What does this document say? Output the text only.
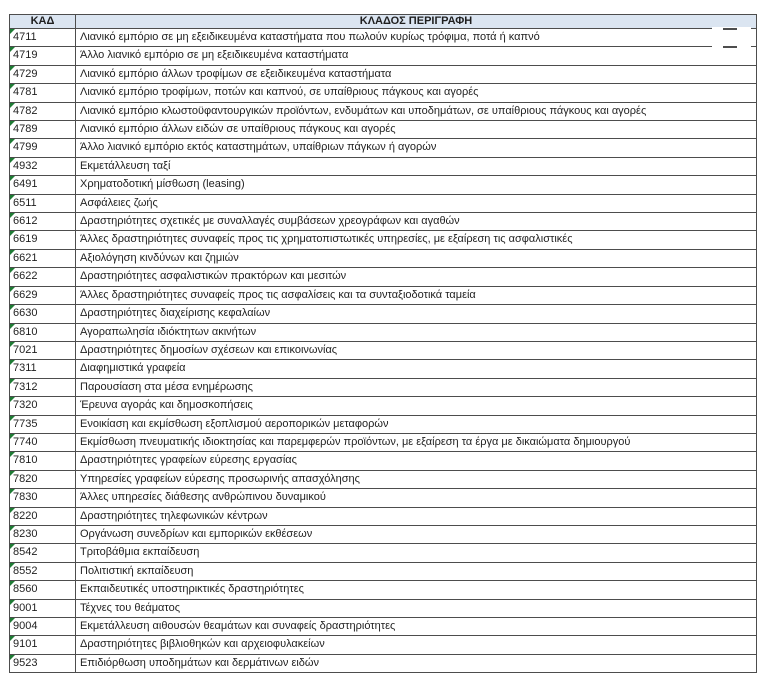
ΚΑΔ	ΚΛΑΔΟΣ ΠΕΡΙΓΡΑΦΗ

4711	Λιανικό εμπόριο σε μη εξειδικευμένα καταστήματα που πωλούν κυρίως τρόφιμα, ποτά ή καπνό

4719	Άλλο λιανικό εμπόριο σε μη εξειδικευμένα καταστήματα

4729	Λιανικό εμπόριο άλλων τροφίμων σε εξειδικευμένα καταστήματα

4781	Λιανικό εμπόριο τροφίμων, ποτών και καπνού, σε υπαίθριους πάγκους και αγορές

4782	Λιανικό εμπόριο κλωστοϋφαντουργικών προϊόντων, ενδυμάτων και υποδημάτων, σε υπαίθριους πάγκους και αγορές

4789	Λιανικό εμπόριο άλλων ειδών σε υπαίθριους πάγκους και αγορές

4799	Άλλο λιανικό εμπόριο εκτός καταστημάτων, υπαίθριων πάγκων ή αγορών

4932	Εκμετάλλευση ταξί

6491	Χρηματοδοτική μίσθωση (leasing)

6511	Ασφάλειες ζωής

6612	Δραστηριότητες σχετικές με συναλλαγές συμβάσεων χρεογράφων και αγαθών

6619	Άλλες δραστηριότητες συναφείς προς τις χρηματοπιστωτικές υπηρεσίες, με εξαίρεση τις ασφαλιστικές

6621	Αξιολόγηση κινδύνων και ζημιών

6622	Δραστηριότητες ασφαλιστικών πρακτόρων και μεσιτών

6629	Άλλες δραστηριότητες συναφείς προς τις ασφαλίσεις και τα συνταξιοδοτικά ταμεία

6630	Δραστηριότητες διαχείρισης κεφαλαίων

6810	Αγοραπωλησία ιδιόκτητων ακινήτων

7021	Δραστηριότητες δημοσίων σχέσεων και επικοινωνίας

7311	Διαφημιστικά γραφεία

7312	Παρουσίαση στα μέσα ενημέρωσης

7320	Έρευνα αγοράς και δημοσκοπήσεις

7735	Ενοικίαση και εκμίσθωση εξοπλισμού αεροπορικών μεταφορών

7740	Εκμίσθωση πνευματικής ιδιοκτησίας και παρεμφερών προϊόντων, με εξαίρεση τα έργα με δικαιώματα δημιουργού

7810	Δραστηριότητες γραφείων εύρεσης εργασίας

7820	Υπηρεσίες γραφείων εύρεσης προσωρινής απασχόλησης

7830	Άλλες υπηρεσίες διάθεσης ανθρώπινου δυναμικού

8220	Δραστηριότητες τηλεφωνικών κέντρων

8230	Οργάνωση συνεδρίων και εμπορικών εκθέσεων

8542	Τριτοβάθμια εκπαίδευση

8552	Πολιτιστική εκπαίδευση

8560	Εκπαιδευτικές υποστηρικτικές δραστηριότητες

9001	Τέχνες του θεάματος

9004	Εκμετάλλευση αιθουσών θεαμάτων και συναφείς δραστηριότητες

9101	Δραστηριότητες βιβλιοθηκών και αρχειοφυλακείων

9523	Επιδιόρθωση υποδημάτων και δερμάτινων ειδών
